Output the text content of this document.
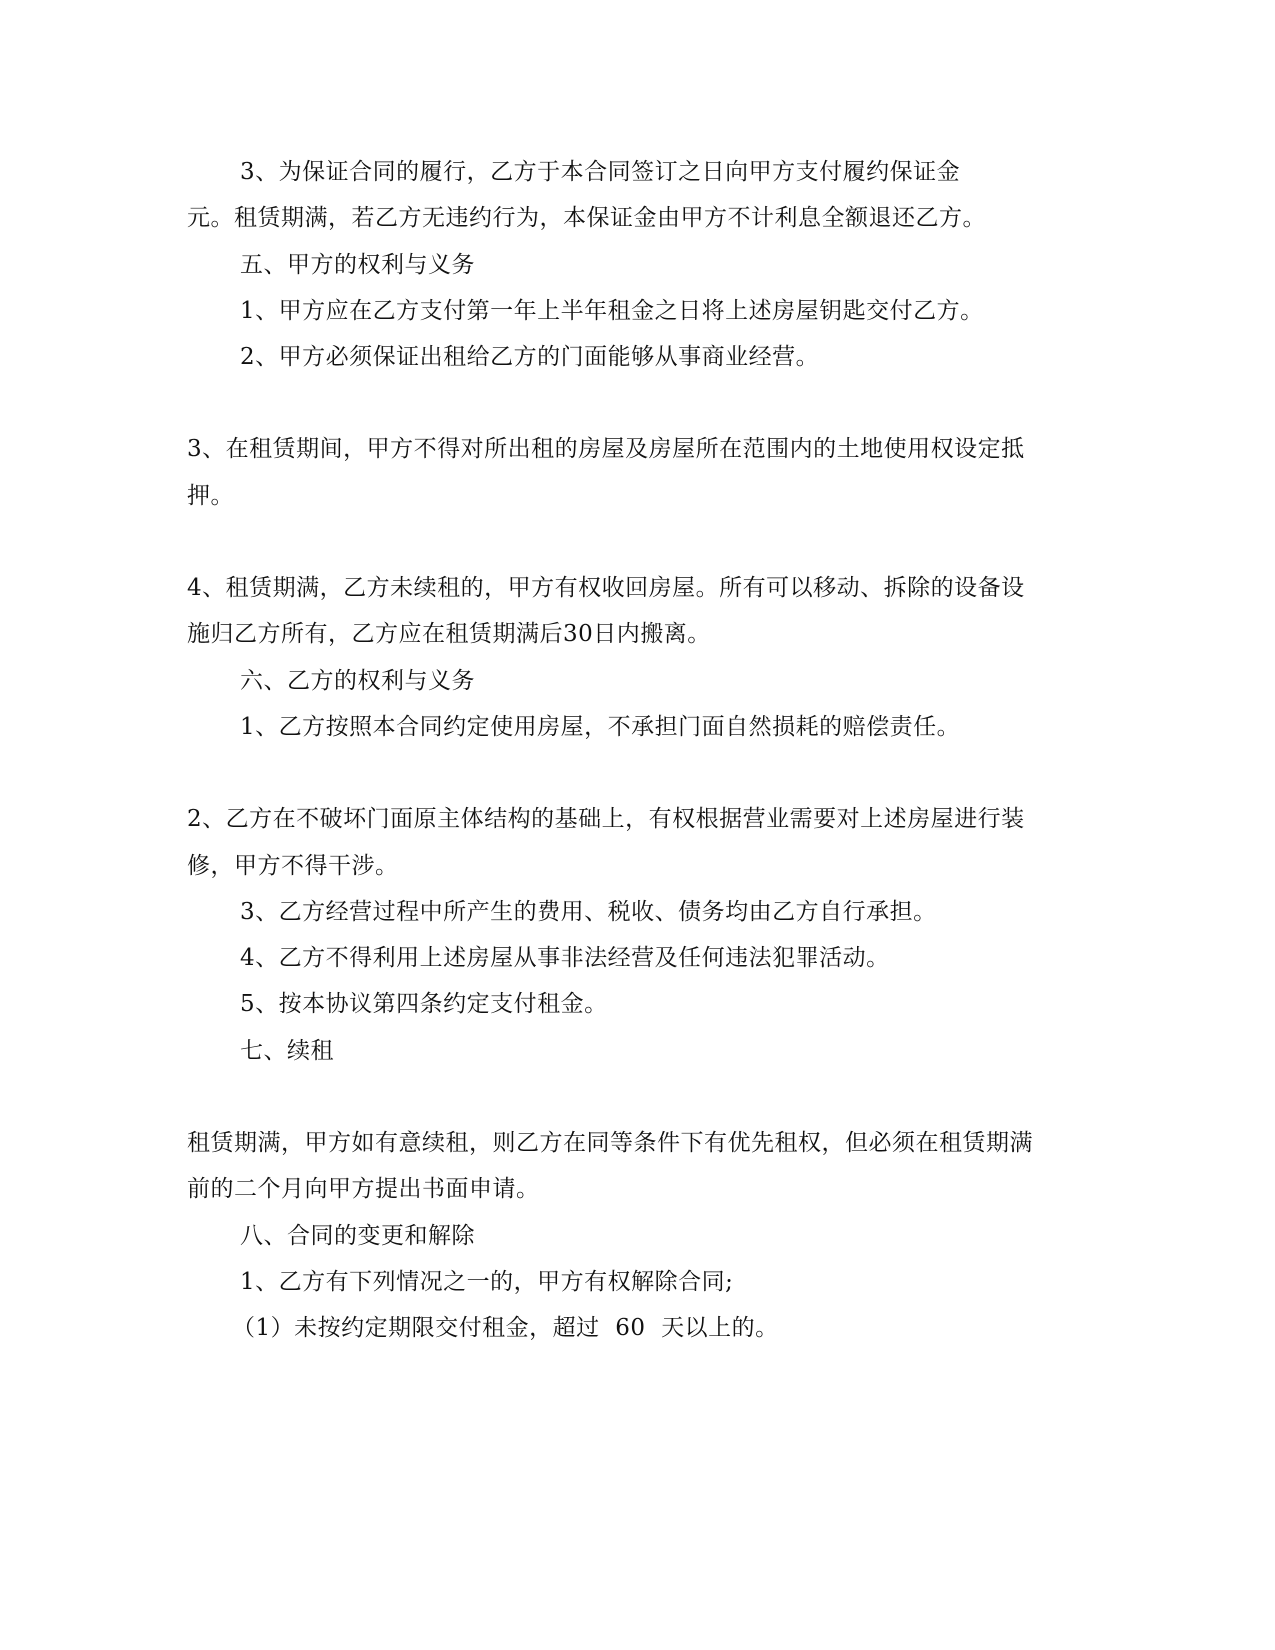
3、为保证合同的履行，乙方于本合同签订之日向甲方支付履约保证金
元。租赁期满，若乙方无违约行为，本保证金由甲方不计利息全额退还乙方。
五、甲方的权利与义务
1、甲方应在乙方支付第一年上半年租金之日将上述房屋钥匙交付乙方。
2、甲方必须保证出租给乙方的门面能够从事商业经营。
3、在租赁期间，甲方不得对所出租的房屋及房屋所在范围内的土地使用权设定抵
押。
4、租赁期满，乙方未续租的，甲方有权收回房屋。所有可以移动、拆除的设备设
施归乙方所有，乙方应在租赁期满后30日内搬离。
六、乙方的权利与义务
1、乙方按照本合同约定使用房屋，不承担门面自然损耗的赔偿责任。
2、乙方在不破坏门面原主体结构的基础上，有权根据营业需要对上述房屋进行装
修，甲方不得干涉。
3、乙方经营过程中所产生的费用、税收、债务均由乙方自行承担。
4、乙方不得利用上述房屋从事非法经营及任何违法犯罪活动。
5、按本协议第四条约定支付租金。
七、续租
租赁期满，甲方如有意续租，则乙方在同等条件下有优先租权，但必须在租赁期满
前的二个月向甲方提出书面申请。
八、合同的变更和解除
1、乙方有下列情况之一的，甲方有权解除合同;
（1）未按约定期限交付租金，超过  60  天以上的。
